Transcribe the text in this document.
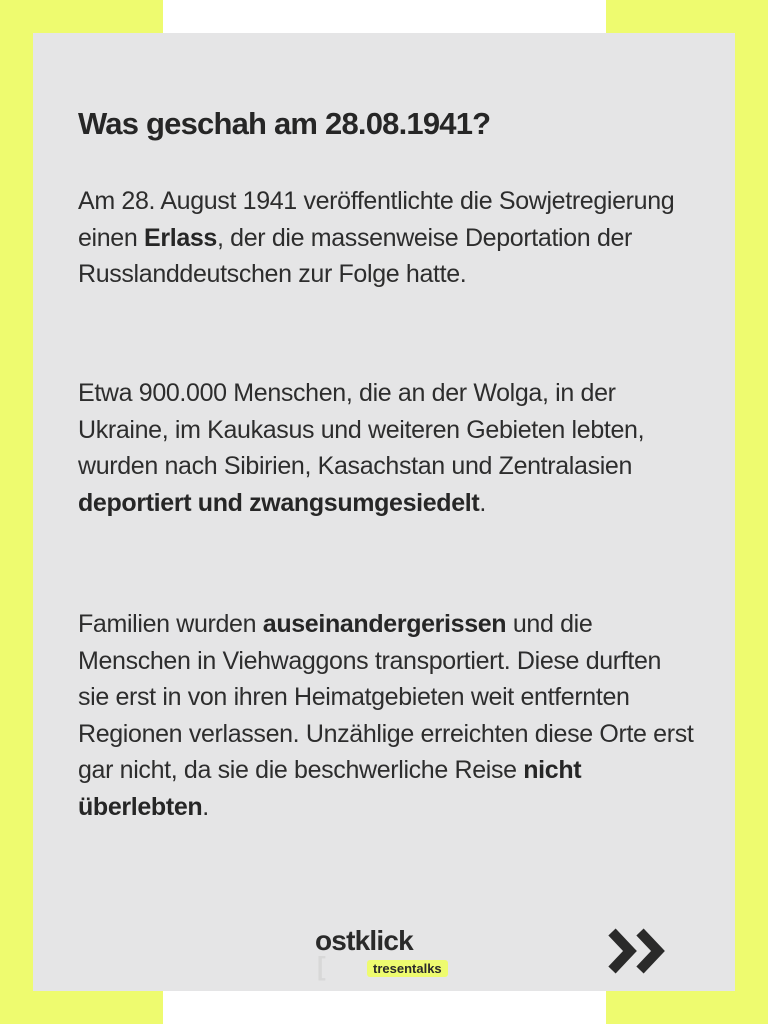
Was geschah am 28.08.1941?

Am 28. August 1941 veröffentlichte die Sowjetregierung einen Erlass, der die massenweise Deportation der Russlanddeutschen zur Folge hatte.

Etwa 900.000 Menschen, die an der Wolga, in der Ukraine, im Kaukasus und weiteren Gebieten lebten, wurden nach Sibirien, Kasachstan und Zentralasien deportiert und zwangsumgesiedelt.

Familien wurden auseinandergerissen und die Menschen in Viehwaggons transportiert. Diese durften sie erst in von ihren Heimatgebieten weit entfernten Regionen verlassen. Unzählige erreichten diese Orte erst gar nicht, da sie die beschwerliche Reise nicht überlebten.

[
ostklick
tresentalks
